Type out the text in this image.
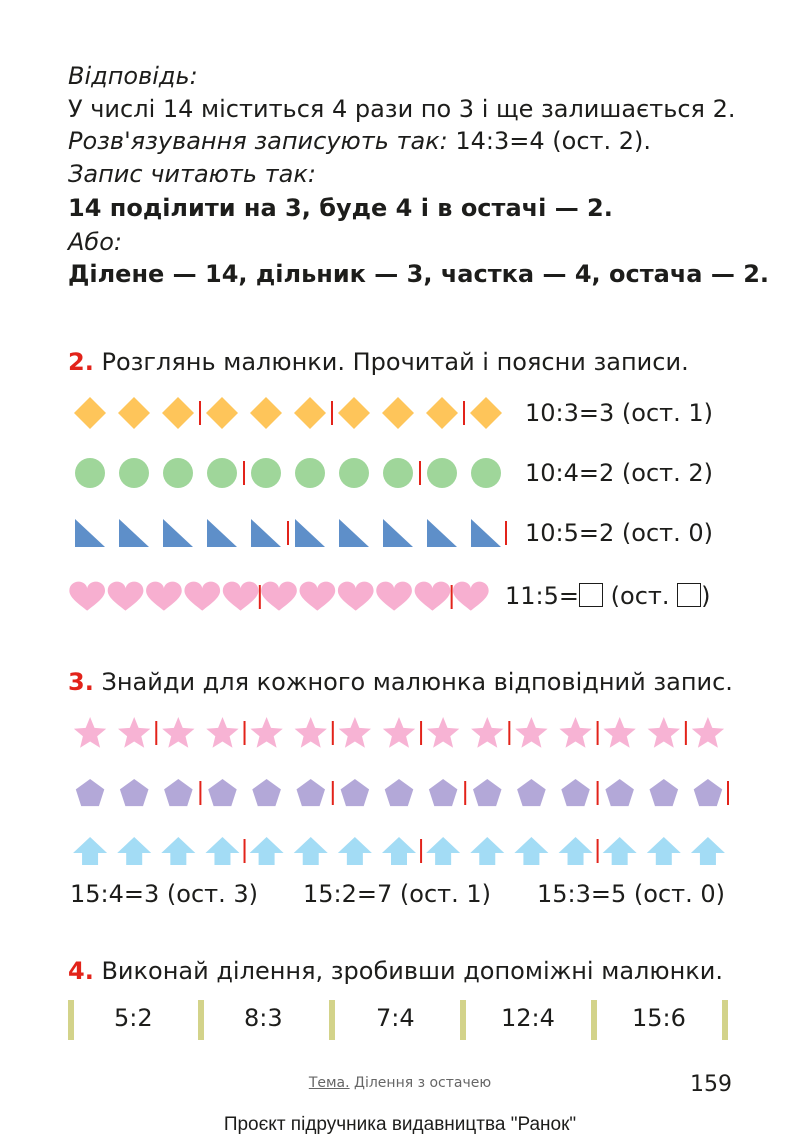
Відповідь:
У числі 14 міститься 4 рази по 3 і ще залишається 2.
Розв'язування записують так: 14:3=4 (ост. 2).
Запис читають так:
14 поділити на 3, буде 4 і в остачі — 2.
Або:
Ділене — 14, дільник — 3, частка — 4, остача — 2.
2. Розглянь малюнки. Прочитай і поясни записи.
10:3=3 (ост. 1)
10:4=2 (ост. 2)
10:5=2 (ост. 0)
11:5= (ост. )
3. Знайди для кожного малюнка відповідний запис.
15:4=3 (ост. 3) 15:2=7 (ост. 1) 15:3=5 (ост. 0)
4. Виконай ділення, зробивши допоміжні малюнки.
5:2	8:3	7:4	12:4	15:6
Тема. Ділення з остачею	159
Проєкт підручника видавництва "Ранок"
